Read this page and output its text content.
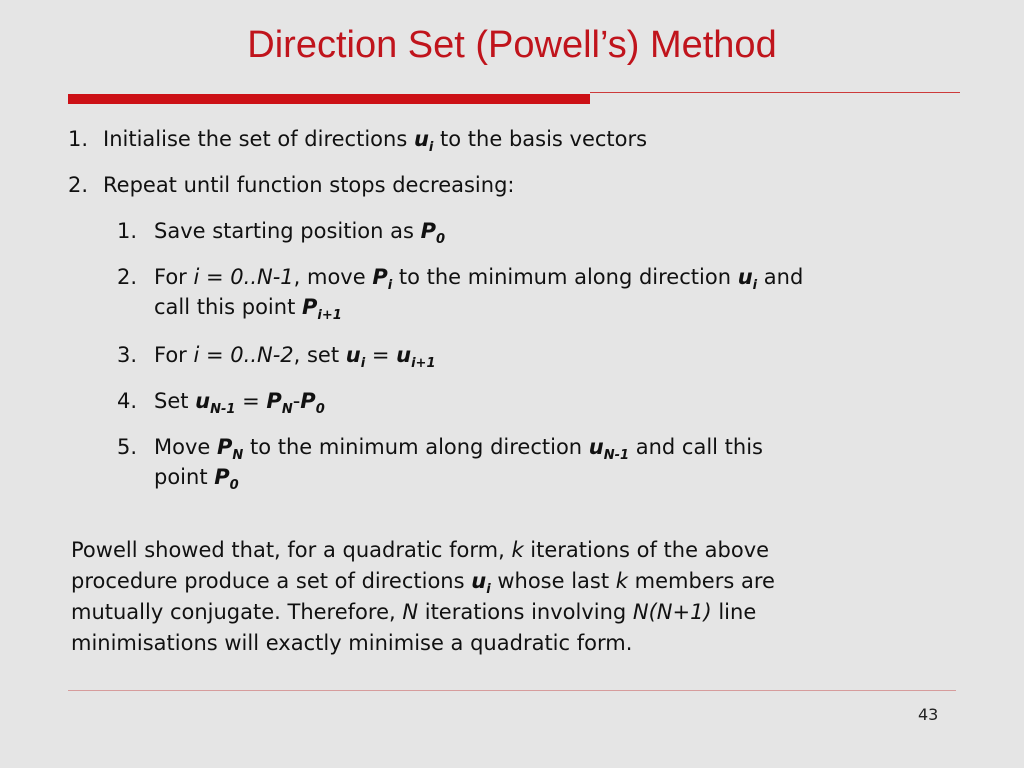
Direction Set (Powell’s) Method
1. Initialise the set of directions $u_i$ to the basis vectors
2. Repeat until function stops decreasing:
1. Save starting position as $P_0$
2. For i = 0..N-1, move $P_i$ to the minimum along direction $u_i$ and
call this point $P_{i+1}$
3. For i = 0..N-2, set $u_i = u_{i+1}$
4. Set $u_{N-1} = P_N-P_0$
5. Move $P_N$ to the minimum along direction $u_{N-1}$ and call this
point $P_0$
Powell showed that, for a quadratic form, k iterations of the above
procedure produce a set of directions $u_i$ whose last k members are
mutually conjugate. Therefore, N iterations involving N(N+1) line
minimisations will exactly minimise a quadratic form.
43
